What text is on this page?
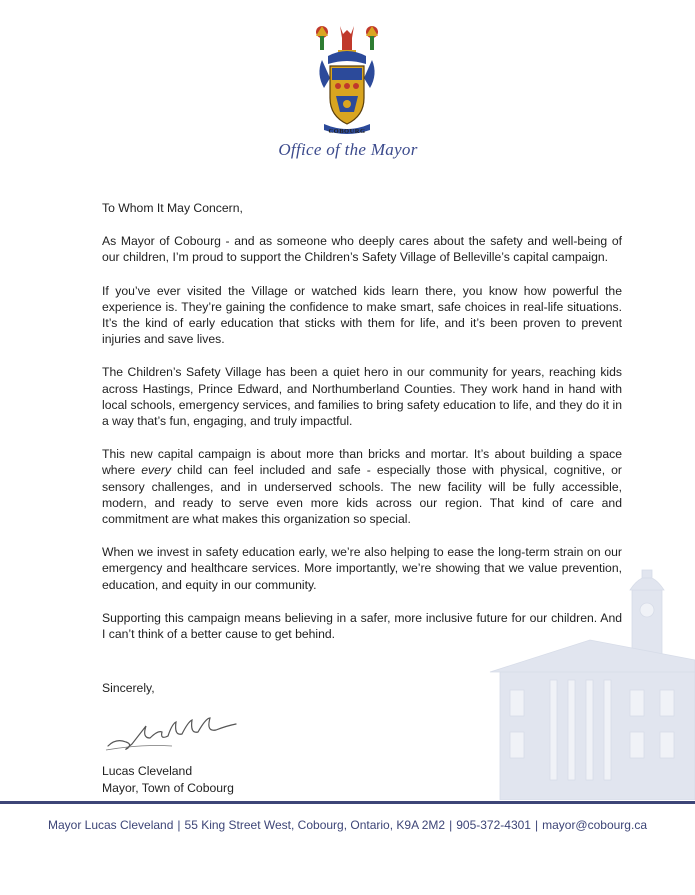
COBOURG
Office of the Mayor

To Whom It May Concern,

As Mayor of Cobourg - and as someone who deeply cares about the safety and well-being of our children, I’m proud to support the Children’s Safety Village of Belleville’s capital campaign.

If you’ve ever visited the Village or watched kids learn there, you know how powerful the experience is. They’re gaining the confidence to make smart, safe choices in real-life situations. It’s the kind of early education that sticks with them for life, and it’s been proven to prevent injuries and save lives.

The Children’s Safety Village has been a quiet hero in our community for years, reaching kids across Hastings, Prince Edward, and Northumberland Counties. They work hand in hand with local schools, emergency services, and families to bring safety education to life, and they do it in a way that’s fun, engaging, and truly impactful.

This new capital campaign is about more than bricks and mortar. It’s about building a space where every child can feel included and safe - especially those with physical, cognitive, or sensory challenges, and in underserved schools. The new facility will be fully accessible, modern, and ready to serve even more kids across our region. That kind of care and commitment are what makes this organization so special.

When we invest in safety education early, we’re also helping to ease the long-term strain on our emergency and healthcare services. More importantly, we’re showing that we value prevention, education, and equity in our community.

Supporting this campaign means believing in a safer, more inclusive future for our children. And I can’t think of a better cause to get behind.

Sincerely,
Lucas Cleveland
Mayor, Town of Cobourg
Mayor Lucas Cleveland | 55 King Street West, Cobourg, Ontario, K9A 2M2 | 905-372-4301 | mayor@cobourg.ca
